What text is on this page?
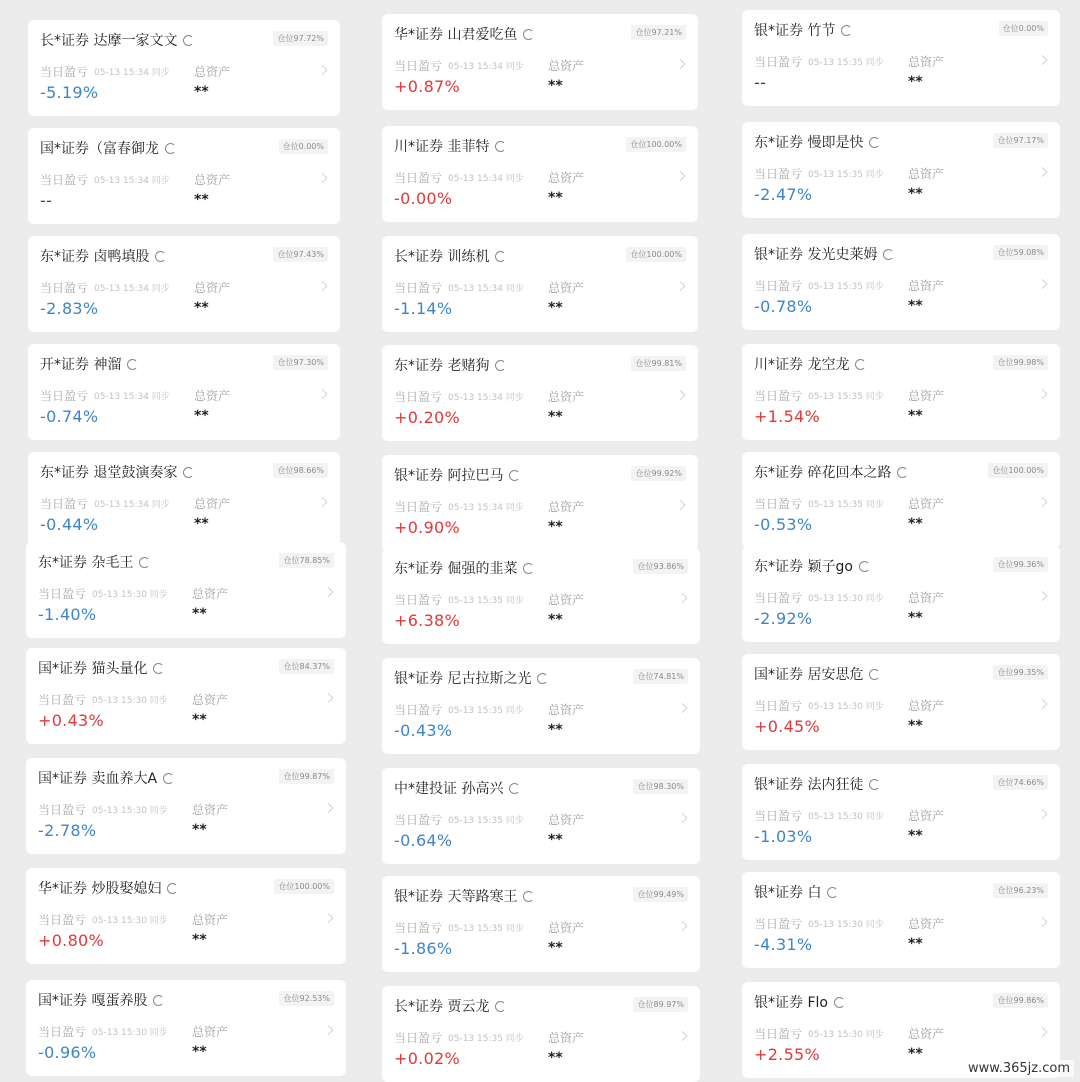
长*证券 达摩一家文文	仓位97.72%
当日盈亏 05-13 15:34 同步 总资产
-5.19%	**
国*证券（富春御龙	仓位0.00%
当日盈亏 05-13 15:34 同步 总资产
--	**
东*证券 卤鸭填股	仓位97.43%
当日盈亏 05-13 15:34 同步 总资产
-2.83%	**
开*证券 神溜	仓位97.30%
当日盈亏 05-13 15:34 同步 总资产
-0.74%	**
东*证券 退堂鼓演奏家	仓位98.66%
当日盈亏 05-13 15:34 同步 总资产
-0.44%	**
华*证券 山君爱吃鱼	仓位97.21%
当日盈亏 05-13 15:34 同步 总资产
+0.87%	**
川*证券 韭菲特	仓位100.00%
当日盈亏 05-13 15:34 同步 总资产
-0.00%	**
长*证券 训练机	仓位100.00%
当日盈亏 05-13 15:34 同步 总资产
-1.14%	**
东*证券 老赌狗	仓位99.81%
当日盈亏 05-13 15:34 同步 总资产
+0.20%	**
银*证券 阿拉巴马	仓位99.92%
当日盈亏 05-13 15:34 同步 总资产
+0.90%	**
银*证券 竹节	仓位0.00%
当日盈亏 05-13 15:35 同步 总资产
--	**
东*证券 慢即是快	仓位97.17%
当日盈亏 05-13 15:35 同步 总资产
-2.47%	**
银*证券 发光史莱姆	仓位59.08%
当日盈亏 05-13 15:35 同步 总资产
-0.78%	**
川*证券 龙空龙	仓位99.98%
当日盈亏 05-13 15:35 同步 总资产
+1.54%	**
东*证券 碎花回本之路	仓位100.00%
当日盈亏 05-13 15:35 同步 总资产
-0.53%	**
东*证券 杂毛王	仓位78.85%
当日盈亏 05-13 15:30 同步 总资产
-1.40%	**
国*证券 猫头量化	仓位84.37%
当日盈亏 05-13 15:30 同步 总资产
+0.43%	**
国*证券 卖血养大A	仓位99.87%
当日盈亏 05-13 15:30 同步 总资产
-2.78%	**
华*证券 炒股娶媳妇	仓位100.00%
当日盈亏 05-13 15:30 同步 总资产
+0.80%	**
国*证券 嘎蛋养股	仓位92.53%
当日盈亏 05-13 15:30 同步 总资产
-0.96%	**
东*证券 倔强的韭菜	仓位93.86%
当日盈亏 05-13 15:35 同步 总资产
+6.38%	**
银*证券 尼古拉斯之光	仓位74.81%
当日盈亏 05-13 15:35 同步 总资产
-0.43%	**
中*建投证 孙高兴	仓位98.30%
当日盈亏 05-13 15:35 同步 总资产
-0.64%	**
银*证券 天等路寒王	仓位99.49%
当日盈亏 05-13 15:35 同步 总资产
-1.86%	**
长*证券 贾云龙	仓位89.97%
当日盈亏 05-13 15:35 同步 总资产
+0.02%	**
东*证券 颖子go	仓位99.36%
当日盈亏 05-13 15:30 同步 总资产
-2.92%	**
国*证券 居安思危	仓位99.35%
当日盈亏 05-13 15:30 同步 总资产
+0.45%	**
银*证券 法内狂徒	仓位74.66%
当日盈亏 05-13 15:30 同步 总资产
-1.03%	**
银*证券 白	仓位96.23%
当日盈亏 05-13 15:30 同步 总资产
-4.31%	**
银*证券 Flo	仓位99.86%
当日盈亏 05-13 15:30 同步 总资产
+2.55%	**
www.365jz.com
